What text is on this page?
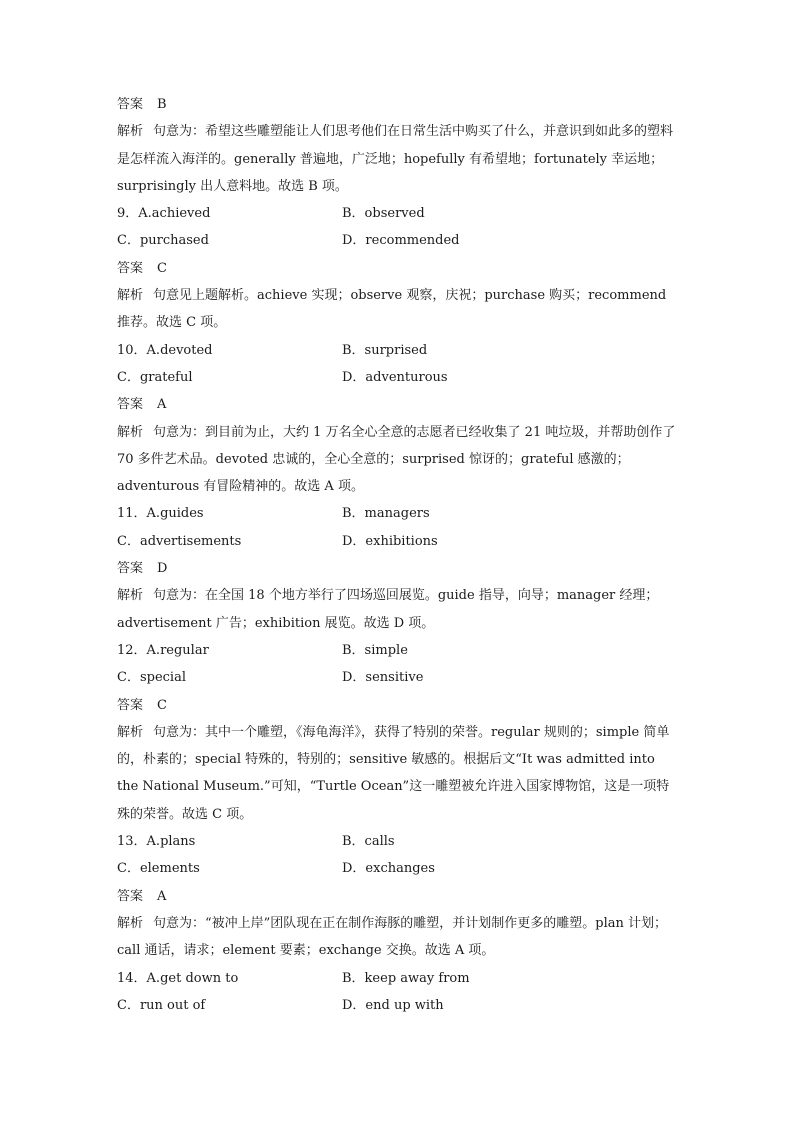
答案 B
解析 句意为：希望这些雕塑能让人们思考他们在日常生活中购买了什么，并意识到如此多的塑料是怎样流入海洋的。generally 普遍地，广泛地；hopefully 有希望地；fortunately 幸运地；surprisingly 出人意料地。故选 B 项。
9．A.achieved	B．observed
C．purchased	D．recommended
答案 C
解析 句意见上题解析。achieve 实现；observe 观察，庆祝；purchase 购买；recommend 推荐。故选 C 项。
10．A.devoted	B．surprised
C．grateful	D．adventurous
答案 A
解析 句意为：到目前为止，大约 1 万名全心全意的志愿者已经收集了 21 吨垃圾，并帮助创作了 70 多件艺术品。devoted 忠诚的，全心全意的；surprised 惊讶的；grateful 感激的；adventurous 有冒险精神的。故选 A 项。
11．A.guides	B．managers
C．advertisements	D．exhibitions
答案 D
解析 句意为：在全国 18 个地方举行了四场巡回展览。guide 指导，向导；manager 经理；advertisement 广告；exhibition 展览。故选 D 项。
12．A.regular	B．simple
C．special	D．sensitive
答案 C
解析 句意为：其中一个雕塑，《海龟海洋》，获得了特别的荣誉。regular 规则的；simple 简单的，朴素的；special 特殊的，特别的；sensitive 敏感的。根据后文“It was admitted into the National Museum.”可知，“Turtle Ocean”这一雕塑被允许进入国家博物馆，这是一项特殊的荣誉。故选 C 项。
13．A.plans	B．calls
C．elements	D．exchanges
答案 A
解析 句意为：“被冲上岸”团队现在正在制作海豚的雕塑，并计划制作更多的雕塑。plan 计划；call 通话，请求；element 要素；exchange 交换。故选 A 项。
14．A.get down to	B．keep away from
C．run out of	D．end up with
